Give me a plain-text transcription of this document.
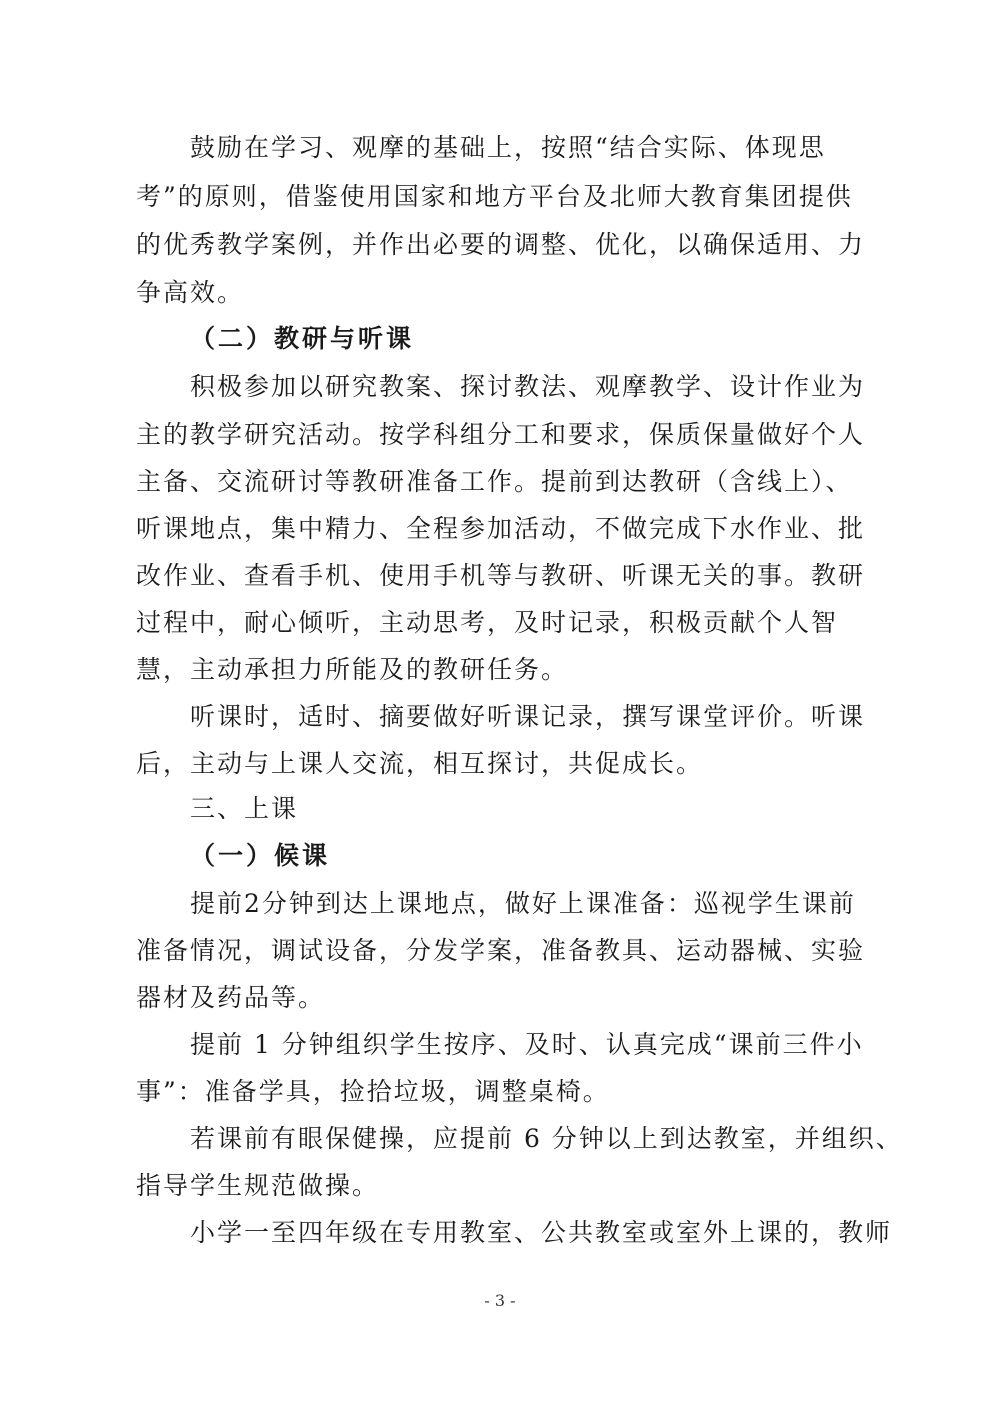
鼓励在学习、观摩的基础上，按照“结合实际、体现思
考”的原则，借鉴使用国家和地方平台及北师大教育集团提供
的优秀教学案例，并作出必要的调整、优化，以确保适用、力
争高效。
（二）教研与听课
积极参加以研究教案、探讨教法、观摩教学、设计作业为
主的教学研究活动。按学科组分工和要求，保质保量做好个人
主备、交流研讨等教研准备工作。提前到达教研（含线上）、
听课地点，集中精力、全程参加活动，不做完成下水作业、批
改作业、查看手机、使用手机等与教研、听课无关的事。教研
过程中，耐心倾听，主动思考，及时记录，积极贡献个人智
慧，主动承担力所能及的教研任务。
听课时，适时、摘要做好听课记录，撰写课堂评价。听课
后，主动与上课人交流，相互探讨，共促成长。
三、上课
（一）候课
提前2分钟到达上课地点，做好上课准备：巡视学生课前
准备情况，调试设备，分发学案，准备教具、运动器械、实验
器材及药品等。
提前 1 分钟组织学生按序、及时、认真完成“课前三件小
事”：准备学具，捡拾垃圾，调整桌椅。
若课前有眼保健操，应提前 6 分钟以上到达教室，并组织、
指导学生规范做操。
小学一至四年级在专用教室、公共教室或室外上课的，教师
- 3 -
